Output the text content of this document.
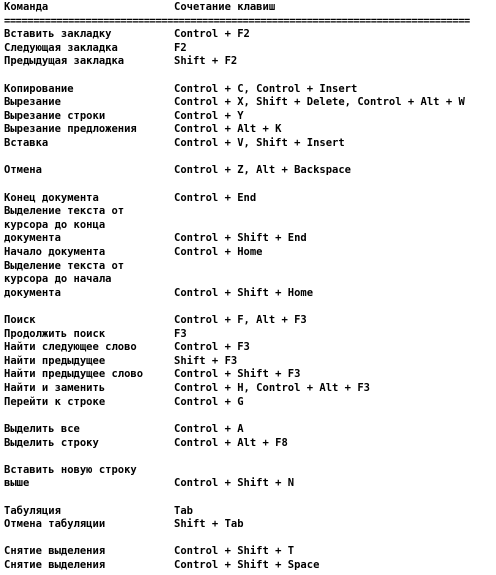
Команда	Сочетание клавиш
================================================================================
Вставить закладку	Control + F2
Следующая закладка	F2
Предыдущая закладка	Shift + F2
Копирование	Control + C, Control + Insert
Вырезание	Control + X, Shift + Delete, Control + Alt + W
Вырезание строки	Control + Y
Вырезание предложения	Control + Alt + K
Вставка	Control + V, Shift + Insert
Отмена	Control + Z, Alt + Backspace
Конец документа	Control + End
Выделение текста от
курсора до конца
документа	Control + Shift + End
Начало документа	Control + Home
Выделение текста от
курсора до начала
документа	Control + Shift + Home
Поиск	Control + F, Alt + F3
Продолжить поиск	F3
Найти следующее слово	Control + F3
Найти предыдущее	Shift + F3
Найти предыдущее слово	Control + Shift + F3
Найти и заменить	Control + H, Control + Alt + F3
Перейти к строке	Control + G
Выделить все	Control + A
Выделить строку	Control + Alt + F8
Вставить новую строку
выше	Control + Shift + N
Табуляция	Tab
Отмена табуляции	Shift + Tab
Снятие выделения	Control + Shift + T
Снятие выделения	Control + Shift + Space
